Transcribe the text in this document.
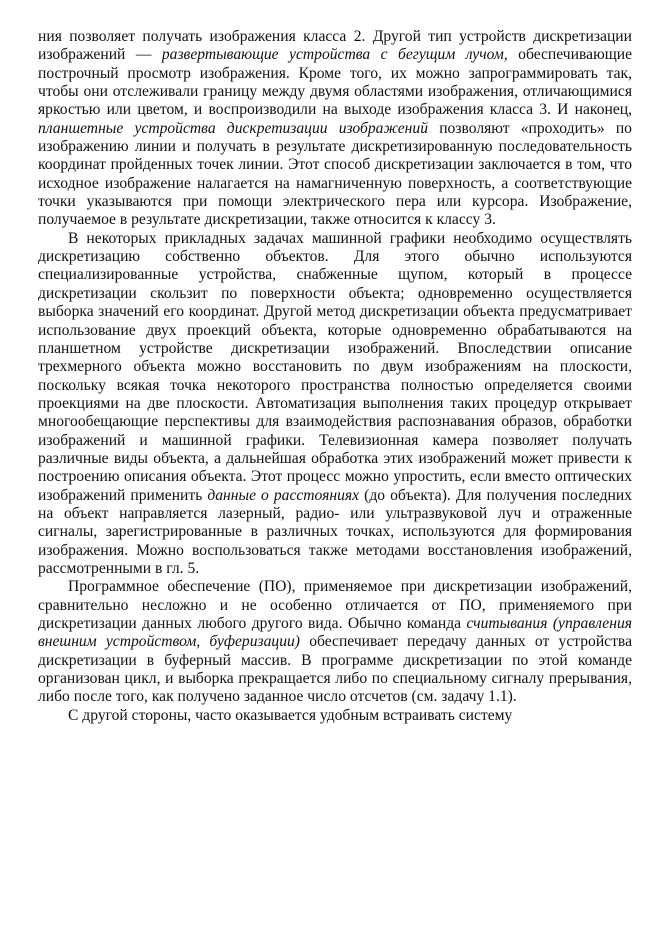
ния позволяет получать изображения класса 2. Другой тип устройств дискретизации изображений — развертывающие устройства с бегущим лучом, обеспечивающие построчный просмотр изображения. Кроме того, их можно запрограммировать так, чтобы они отслеживали границу между двумя областями изображения, отличающимися яркостью или цветом, и воспроизводили на выходе изображения класса 3. И наконец, планшетные устройства дискретизации изображений позволяют «проходить» по изображению линии и получать в результате дискретизированную последовательность координат пройденных точек линии. Этот способ дискретизации заключается в том, что исходное изображение налагается на намагниченную поверхность, а соответствующие точки указываются при помощи электрического пера или курсора. Изображение, получаемое в результате дискретизации, также относится к классу 3.

В некоторых прикладных задачах машинной графики необходимо осуществлять дискретизацию собственно объектов. Для этого обычно используются специализированные устройства, снабженные щупом, который в процессе дискретизации скользит по поверхности объекта; одновременно осуществляется выборка значений его координат. Другой метод дискретизации объекта предусматривает использование двух проекций объекта, которые одновременно обрабатываются на планшетном устройстве дискретизации изображений. Впоследствии описание трехмерного объекта можно восстановить по двум изображениям на плоскости, поскольку всякая точка некоторого пространства полностью определяется своими проекциями на две плоскости. Автоматизация выполнения таких процедур открывает многообещающие перспективы для взаимодействия распознавания образов, обработки изображений и машинной графики. Телевизионная камера позволяет получать различные виды объекта, а дальнейшая обработка этих изображений может привести к построению описания объекта. Этот процесс можно упростить, если вместо оптических изображений применить данные о расстояниях (до объекта). Для получения последних на объект направляется лазерный, радио- или ультразвуковой луч и отраженные сигналы, зарегистрированные в различных точках, используются для формирования изображения. Можно воспользоваться также методами восстановления изображений, рассмотренными в гл. 5.

Программное обеспечение (ПО), применяемое при дискретизации изображений, сравнительно несложно и не особенно отличается от ПО, применяемого при дискретизации данных любого другого вида. Обычно команда считывания (управления внешним устройством, буферизации) обеспечивает передачу данных от устройства дискретизации в буферный массив. В программе дискретизации по этой команде организован цикл, и выборка прекращается либо по специальному сигналу прерывания, либо после того, как получено заданное число отсчетов (см. задачу 1.1).

С другой стороны, часто оказывается удобным встраивать систему
